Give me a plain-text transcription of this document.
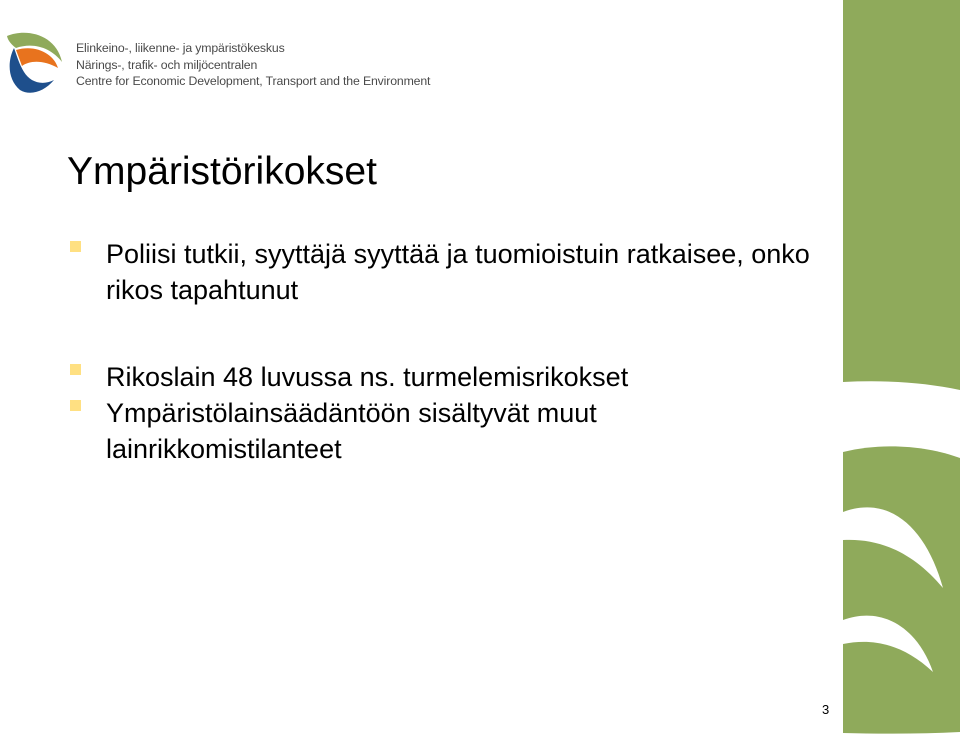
Elinkeino-, liikenne- ja ympäristökeskus
Närings-, trafik- och miljöcentralen
Centre for Economic Development, Transport and the Environment
Ympäristörikokset
Poliisi tutkii, syyttäjä syyttää ja tuomioistuin ratkaisee, onko rikos tapahtunut
Rikoslain 48 luvussa ns. turmelemisrikokset
Ympäristölainsäädäntöön sisältyvät muut lainrikkomistilanteet
3
